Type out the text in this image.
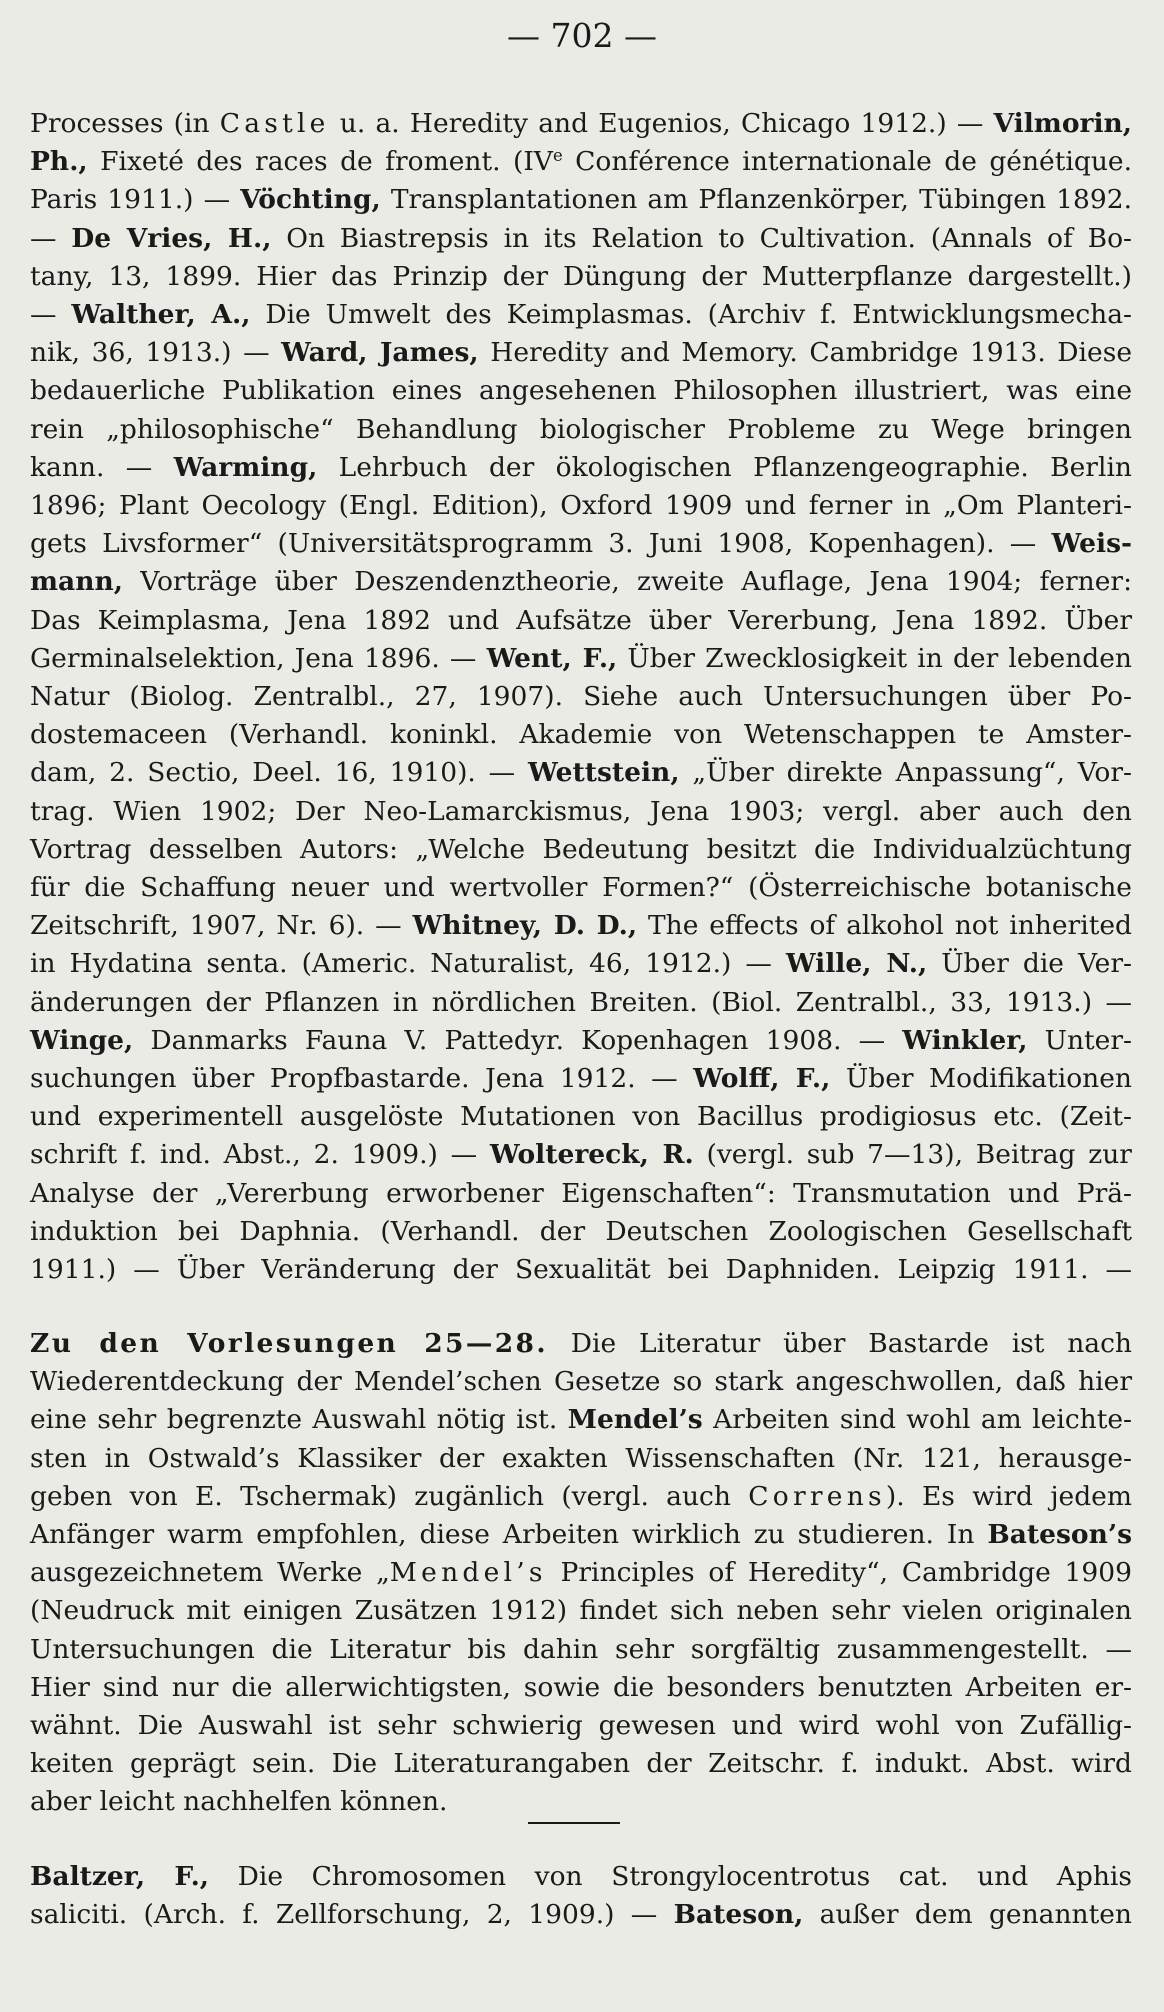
— 702 —
Processes (in Castle u. a. Heredity and Eugenios, Chicago 1912.) — Vilmorin,
Ph., Fixeté des races de froment. (IVe Conférence internationale de génétique.
Paris 1911.) — Vöchting, Transplantationen am Pflanzenkörper, Tübingen 1892.
— De Vries, H., On Biastrepsis in its Relation to Cultivation. (Annals of Bo-
tany, 13, 1899. Hier das Prinzip der Düngung der Mutterpflanze dargestellt.)
— Walther, A., Die Umwelt des Keimplasmas. (Archiv f. Entwicklungsmecha-
nik, 36, 1913.) — Ward, James, Heredity and Memory. Cambridge 1913. Diese
bedauerliche Publikation eines angesehenen Philosophen illustriert, was eine
rein „philosophische“ Behandlung biologischer Probleme zu Wege bringen
kann. — Warming, Lehrbuch der ökologischen Pflanzengeographie. Berlin
1896; Plant Oecology (Engl. Edition), Oxford 1909 und ferner in „Om Planteri-
gets Livsformer“ (Universitätsprogramm 3. Juni 1908, Kopenhagen). — Weis-
mann, Vorträge über Deszendenztheorie, zweite Auflage, Jena 1904; ferner:
Das Keimplasma, Jena 1892 und Aufsätze über Vererbung, Jena 1892. Über
Germinalselektion, Jena 1896. — Went, F., Über Zwecklosigkeit in der lebenden
Natur (Biolog. Zentralbl., 27, 1907). Siehe auch Untersuchungen über Po-
dostemaceen (Verhandl. koninkl. Akademie von Wetenschappen te Amster-
dam, 2. Sectio, Deel. 16, 1910). — Wettstein, „Über direkte Anpassung“, Vor-
trag. Wien 1902; Der Neo-Lamarckismus, Jena 1903; vergl. aber auch den
Vortrag desselben Autors: „Welche Bedeutung besitzt die Individualzüchtung
für die Schaffung neuer und wertvoller Formen?“ (Österreichische botanische
Zeitschrift, 1907, Nr. 6). — Whitney, D. D., The effects of alkohol not inherited
in Hydatina senta. (Americ. Naturalist, 46, 1912.) — Wille, N., Über die Ver-
änderungen der Pflanzen in nördlichen Breiten. (Biol. Zentralbl., 33, 1913.) —
Winge, Danmarks Fauna V. Pattedyr. Kopenhagen 1908. — Winkler, Unter-
suchungen über Propfbastarde. Jena 1912. — Wolff, F., Über Modifikationen
und experimentell ausgelöste Mutationen von Bacillus prodigiosus etc. (Zeit-
schrift f. ind. Abst., 2. 1909.) — Woltereck, R. (vergl. sub 7—13), Beitrag zur
Analyse der „Vererbung erworbener Eigenschaften“: Transmutation und Prä-
induktion bei Daphnia. (Verhandl. der Deutschen Zoologischen Gesellschaft
1911.) — Über Veränderung der Sexualität bei Daphniden. Leipzig 1911. —
Zu den Vorlesungen 25—28. Die Literatur über Bastarde ist nach
Wiederentdeckung der Mendel’schen Gesetze so stark angeschwollen, daß hier
eine sehr begrenzte Auswahl nötig ist. Mendel’s Arbeiten sind wohl am leichte-
sten in Ostwald’s Klassiker der exakten Wissenschaften (Nr. 121, herausge-
geben von E. Tschermak) zugänlich (vergl. auch Correns). Es wird jedem
Anfänger warm empfohlen, diese Arbeiten wirklich zu studieren. In Bateson’s
ausgezeichnetem Werke „Mendel’s Principles of Heredity“, Cambridge 1909
(Neudruck mit einigen Zusätzen 1912) findet sich neben sehr vielen originalen
Untersuchungen die Literatur bis dahin sehr sorgfältig zusammengestellt. —
Hier sind nur die allerwichtigsten, sowie die besonders benutzten Arbeiten er-
wähnt. Die Auswahl ist sehr schwierig gewesen und wird wohl von Zufällig-
keiten geprägt sein. Die Literaturangaben der Zeitschr. f. indukt. Abst. wird
aber leicht nachhelfen können.
Baltzer, F., Die Chromosomen von Strongylocentrotus cat. und Aphis
saliciti. (Arch. f. Zellforschung, 2, 1909.) — Bateson, außer dem genannten
